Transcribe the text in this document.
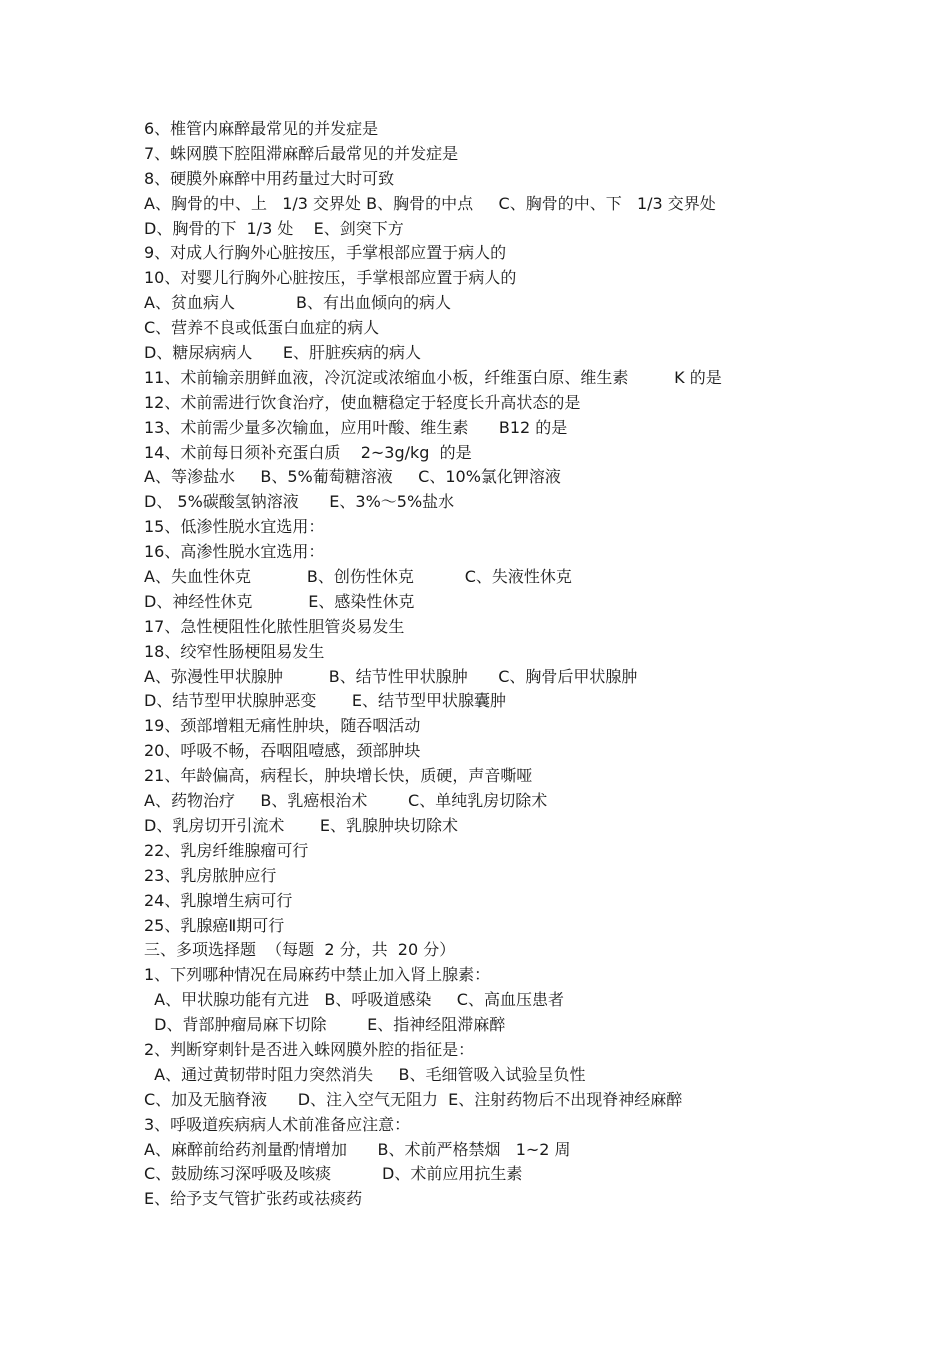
6、椎管内麻醉最常见的并发症是

7、蛛网膜下腔阻滞麻醉后最常见的并发症是

8、硬膜外麻醉中用药量过大时可致

A、胸骨的中、上   1/3 交界处 B、胸骨的中点     C、胸骨的中、下   1/3 交界处

D、胸骨的下  1/3 处    E、剑突下方

9、对成人行胸外心脏按压，手掌根部应置于病人的

10、对婴儿行胸外心脏按压，手掌根部应置于病人的

A、贫血病人            B、有出血倾向的病人

C、营养不良或低蛋白血症的病人

D、糖尿病病人      E、肝脏疾病的病人

11、术前输亲朋鲜血液，冷沉淀或浓缩血小板，纤维蛋白原、维生素         K 的是

12、术前需进行饮食治疗，使血糖稳定于轻度长升高状态的是

13、术前需少量多次输血，应用叶酸、维生素      B12 的是

14、术前每日须补充蛋白质    2~3g/kg  的是

A、等渗盐水     B、5%葡萄糖溶液     C、10%氯化钾溶液

D、 5%碳酸氢钠溶液      E、3%～5%盐水

15、低渗性脱水宜选用：

16、高渗性脱水宜选用：

A、失血性休克           B、创伤性休克          C、失液性休克

D、神经性休克           E、感染性休克

17、急性梗阻性化脓性胆管炎易发生

18、绞窄性肠梗阻易发生

A、弥漫性甲状腺肿         B、结节性甲状腺肿      C、胸骨后甲状腺肿

D、结节型甲状腺肿恶变       E、结节型甲状腺囊肿

19、颈部增粗无痛性肿块，随吞咽活动

20、呼吸不畅，吞咽阻噎感，颈部肿块

21、年龄偏高，病程长，肿块增长快，质硬，声音嘶哑

A、药物治疗     B、乳癌根治术        C、单纯乳房切除术

D、乳房切开引流术       E、乳腺肿块切除术

22、乳房纤维腺瘤可行

23、乳房脓肿应行

24、乳腺增生病可行

25、乳腺癌Ⅱ期可行

三、多项选择题  （每题  2 分，共  20 分）

1、下列哪种情况在局麻药中禁止加入肾上腺素：

A、甲状腺功能有亢进   B、呼吸道感染     C、高血压患者

D、背部肿瘤局麻下切除        E、指神经阻滞麻醉

2、判断穿刺针是否进入蛛网膜外腔的指征是：

A、通过黄韧带时阻力突然消失     B、毛细管吸入试验呈负性

C、加及无脑脊液      D、注入空气无阻力  E、注射药物后不出现脊神经麻醉

3、呼吸道疾病病人术前准备应注意：

A、麻醉前给药剂量酌情增加      B、术前严格禁烟   1~2 周

C、鼓励练习深呼吸及咳痰          D、术前应用抗生素

E、给予支气管扩张药或祛痰药
